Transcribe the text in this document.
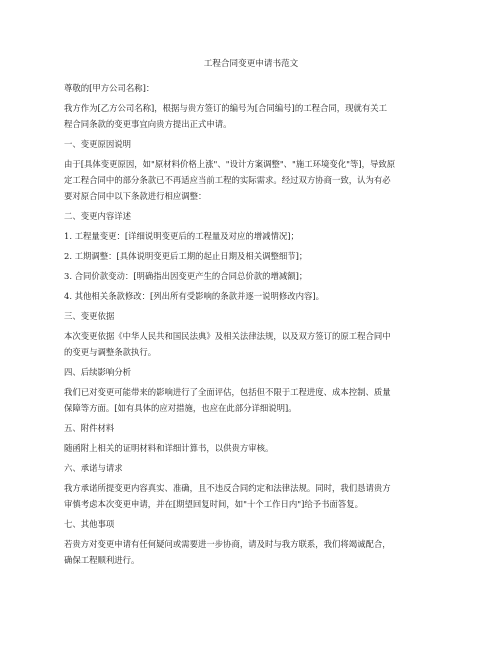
工程合同变更申请书范文
尊敬的[甲方公司名称]：
我方作为[乙方公司名称]，根据与贵方签订的编号为[合同编号]的工程合同，现就有关工
程合同条款的变更事宜向贵方提出正式申请。
一、变更原因说明
由于[具体变更原因，如"原材料价格上涨"、"设计方案调整"、"施工环境变化"等]，导致原
定工程合同中的部分条款已不再适应当前工程的实际需求。经过双方协商一致，认为有必
要对原合同中以下条款进行相应调整：
二、变更内容详述
1. 工程量变更：[详细说明变更后的工程量及对应的增减情况]；
2. 工期调整：[具体说明变更后工期的起止日期及相关调整细节]；
3. 合同价款变动：[明确指出因变更产生的合同总价款的增减额]；
4. 其他相关条款修改：[列出所有受影响的条款并逐一说明修改内容]。
三、变更依据
本次变更依据《中华人民共和国民法典》及相关法律法规，以及双方签订的原工程合同中
的变更与调整条款执行。
四、后续影响分析
我们已对变更可能带来的影响进行了全面评估，包括但不限于工程进度、成本控制、质量
保障等方面。[如有具体的应对措施，也应在此部分详细说明]。
五、附件材料
随函附上相关的证明材料和详细计算书，以供贵方审核。
六、承诺与请求
我方承诺所提变更内容真实、准确，且不违反合同约定和法律法规。同时，我们恳请贵方
审慎考虑本次变更申请，并在[期望回复时间，如"十个工作日内"]给予书面答复。
七、其他事项
若贵方对变更申请有任何疑问或需要进一步协商，请及时与我方联系，我们将竭诚配合，
确保工程顺利进行。
